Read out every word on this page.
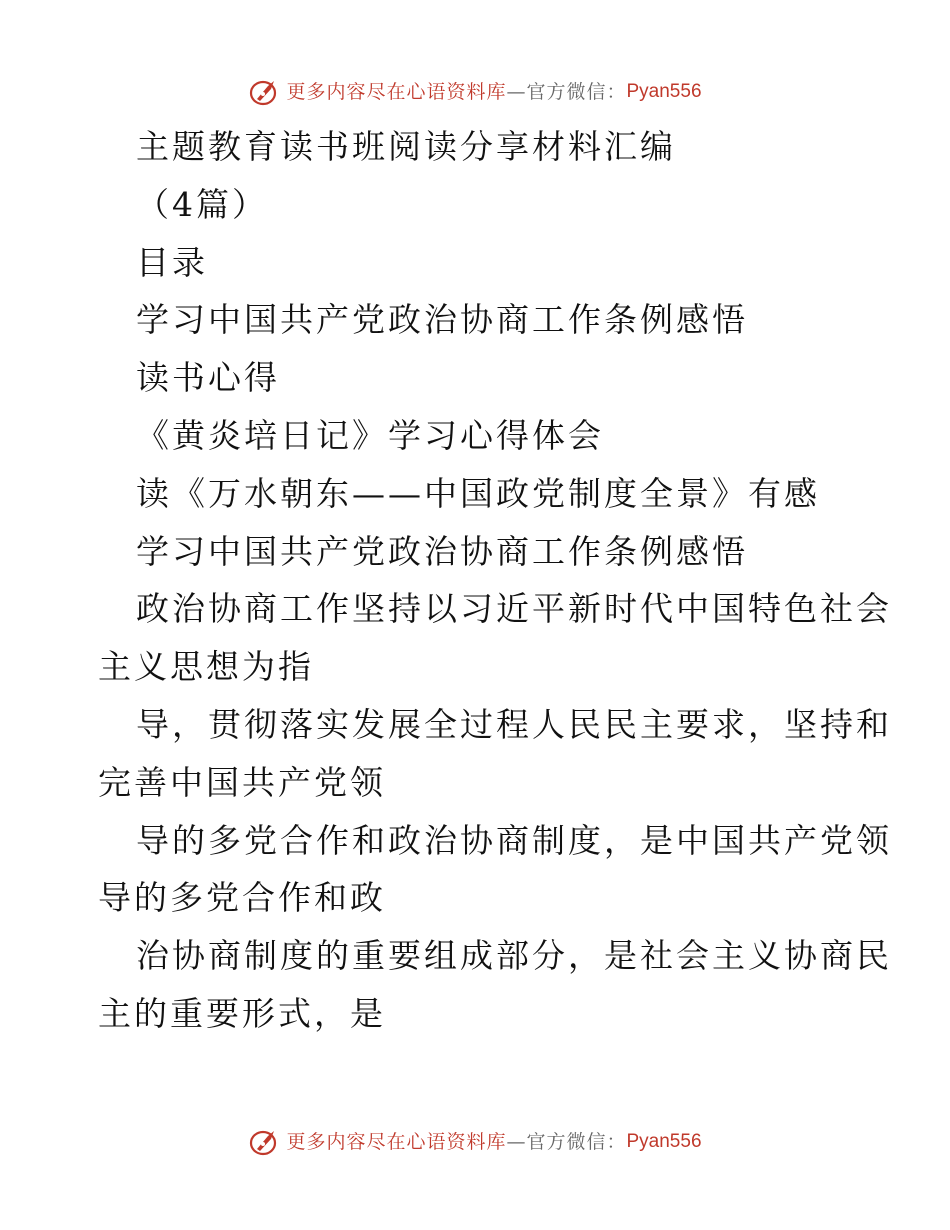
更多内容尽在心语资料库 — 官方微信： Pyan556
主题教育读书班阅读分享材料汇编
（4篇）
目录
学习中国共产党政治协商工作条例感悟
读书心得
《黄炎培日记》学习心得体会
读《万水朝东——中国政党制度全景》有感
学习中国共产党政治协商工作条例感悟
政治协商工作坚持以习近平新时代中国特色社会
主义思想为指
导，贯彻落实发展全过程人民民主要求，坚持和
完善中国共产党领
导的多党合作和政治协商制度，是中国共产党领
导的多党合作和政
治协商制度的重要组成部分，是社会主义协商民
主的重要形式，是
更多内容尽在心语资料库 — 官方微信： Pyan556
